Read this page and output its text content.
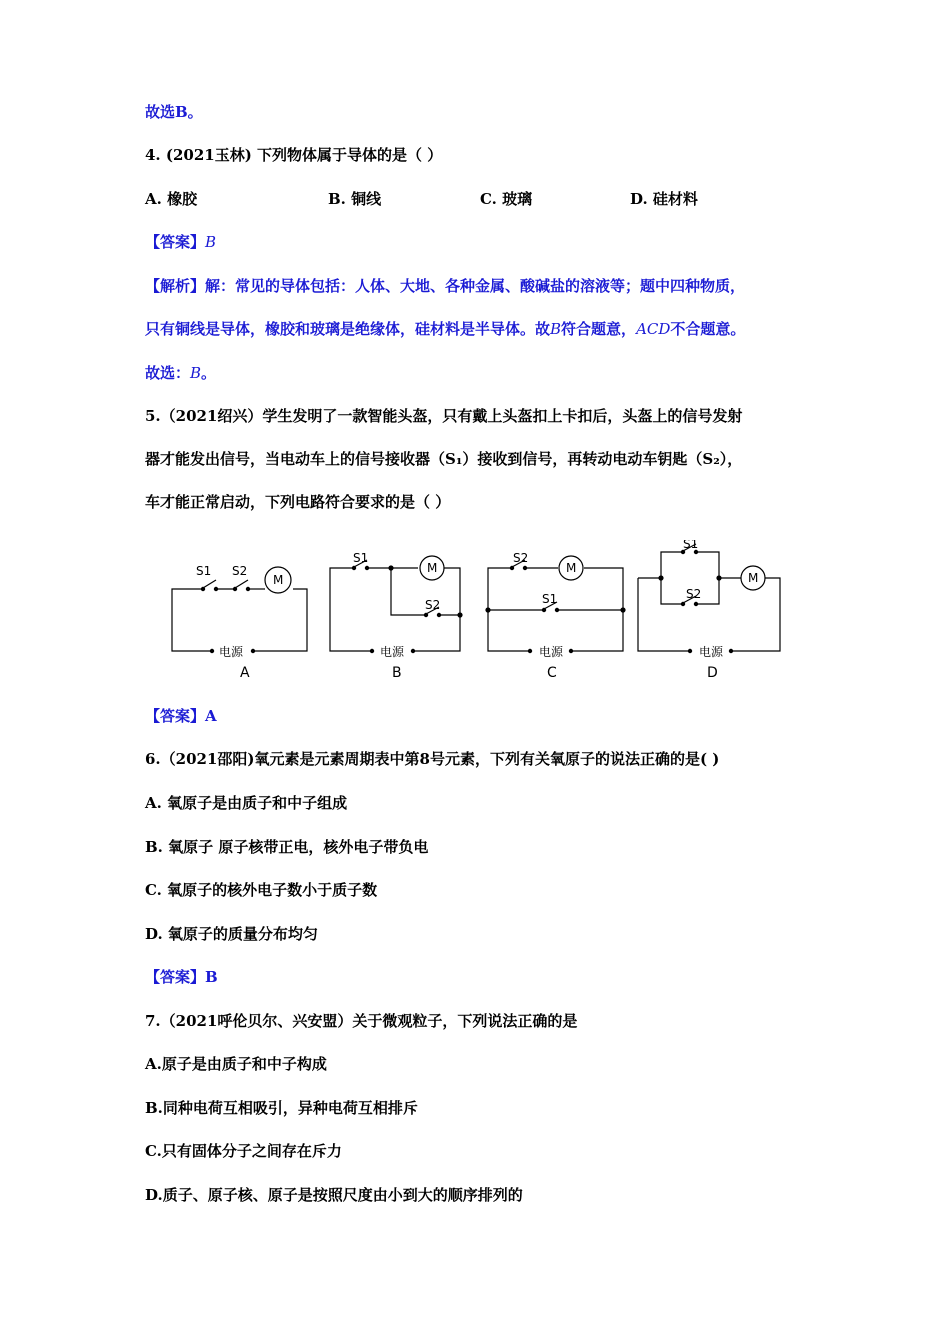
故选B。
4. (2021玉林) 下列物体属于导体的是（ ）
A. 橡胶	B. 铜线	C. 玻璃	D. 硅材料
【答案】B
【解析】解：常见的导体包括：人体、大地、各种金属、酸碱盐的溶液等；题中四种物质，
只有铜线是导体，橡胶和玻璃是绝缘体，硅材料是半导体。故B符合题意，ACD不合题意。
故选：B。
5.（2021绍兴）学生发明了一款智能头盔，只有戴上头盔扣上卡扣后，头盔上的信号发射
器才能发出信号，当电动车上的信号接收器（S₁）接收到信号，再转动电动车钥匙（S₂），
车才能正常启动，下列电路符合要求的是（ ）
S1 S2
M
电源
A
S1
S2
M
电源
B
S2
S1
M
电源
C
S1
S2
M
电源
D
【答案】A
6.（2021邵阳)氧元素是元素周期表中第8号元素，下列有关氧原子的说法正确的是( )
A. 氧原子是由质子和中子组成
B. 氧原子 原子核带正电，核外电子带负电
C. 氧原子的核外电子数小于质子数
D. 氧原子的质量分布均匀
【答案】B
7.（2021呼伦贝尔、兴安盟）关于微观粒子，下列说法正确的是
A.原子是由质子和中子构成
B.同种电荷互相吸引，异种电荷互相排斥
C.只有固体分子之间存在斥力
D.质子、原子核、原子是按照尺度由小到大的顺序排列的
